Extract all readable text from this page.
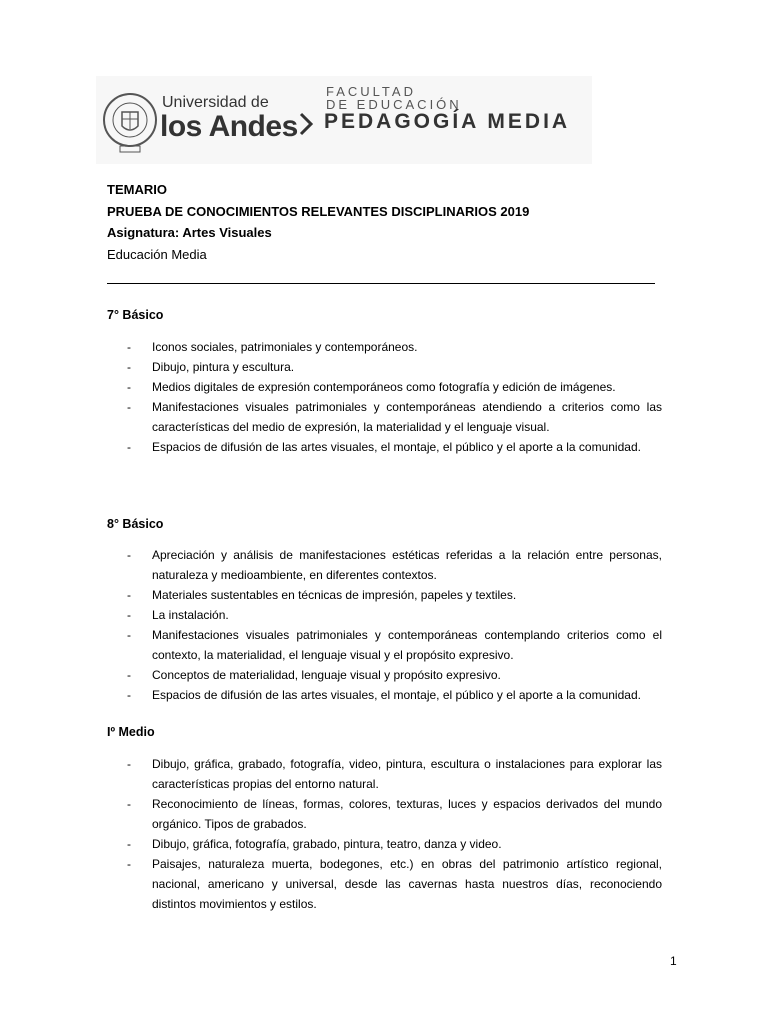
Universidad de
los Andes
FACULTAD
DE EDUCACIÓN
PEDAGOGÍA MEDIA
TEMARIO
PRUEBA DE CONOCIMIENTOS RELEVANTES DISCIPLINARIOS 2019
Asignatura: Artes Visuales
Educación Media
7° Básico
- Iconos sociales, patrimoniales y contemporáneos.
- Dibujo, pintura y escultura.
- Medios digitales de expresión contemporáneos como fotografía y edición de imágenes.
- Manifestaciones visuales patrimoniales y contemporáneas atendiendo a criterios como las características del medio de expresión, la materialidad y el lenguaje visual.
- Espacios de difusión de las artes visuales, el montaje, el público y el aporte a la comunidad.
8° Básico
- Apreciación y análisis de manifestaciones estéticas referidas a la relación entre personas, naturaleza y medioambiente, en diferentes contextos.
- Materiales sustentables en técnicas de impresión, papeles y textiles.
- La instalación.
- Manifestaciones visuales patrimoniales y contemporáneas contemplando criterios como el contexto, la materialidad, el lenguaje visual y el propósito expresivo.
- Conceptos de materialidad, lenguaje visual y propósito expresivo.
- Espacios de difusión de las artes visuales, el montaje, el público y el aporte a la comunidad.
Iº Medio
- Dibujo, gráfica, grabado, fotografía, video, pintura, escultura o instalaciones para explorar las características propias del entorno natural.
- Reconocimiento de líneas, formas, colores, texturas, luces y espacios derivados del mundo orgánico. Tipos de grabados.
- Dibujo, gráfica, fotografía, grabado, pintura, teatro, danza y video.
- Paisajes, naturaleza muerta, bodegones, etc.) en obras del patrimonio artístico regional, nacional, americano y universal, desde las cavernas hasta nuestros días, reconociendo distintos movimientos y estilos.
1
